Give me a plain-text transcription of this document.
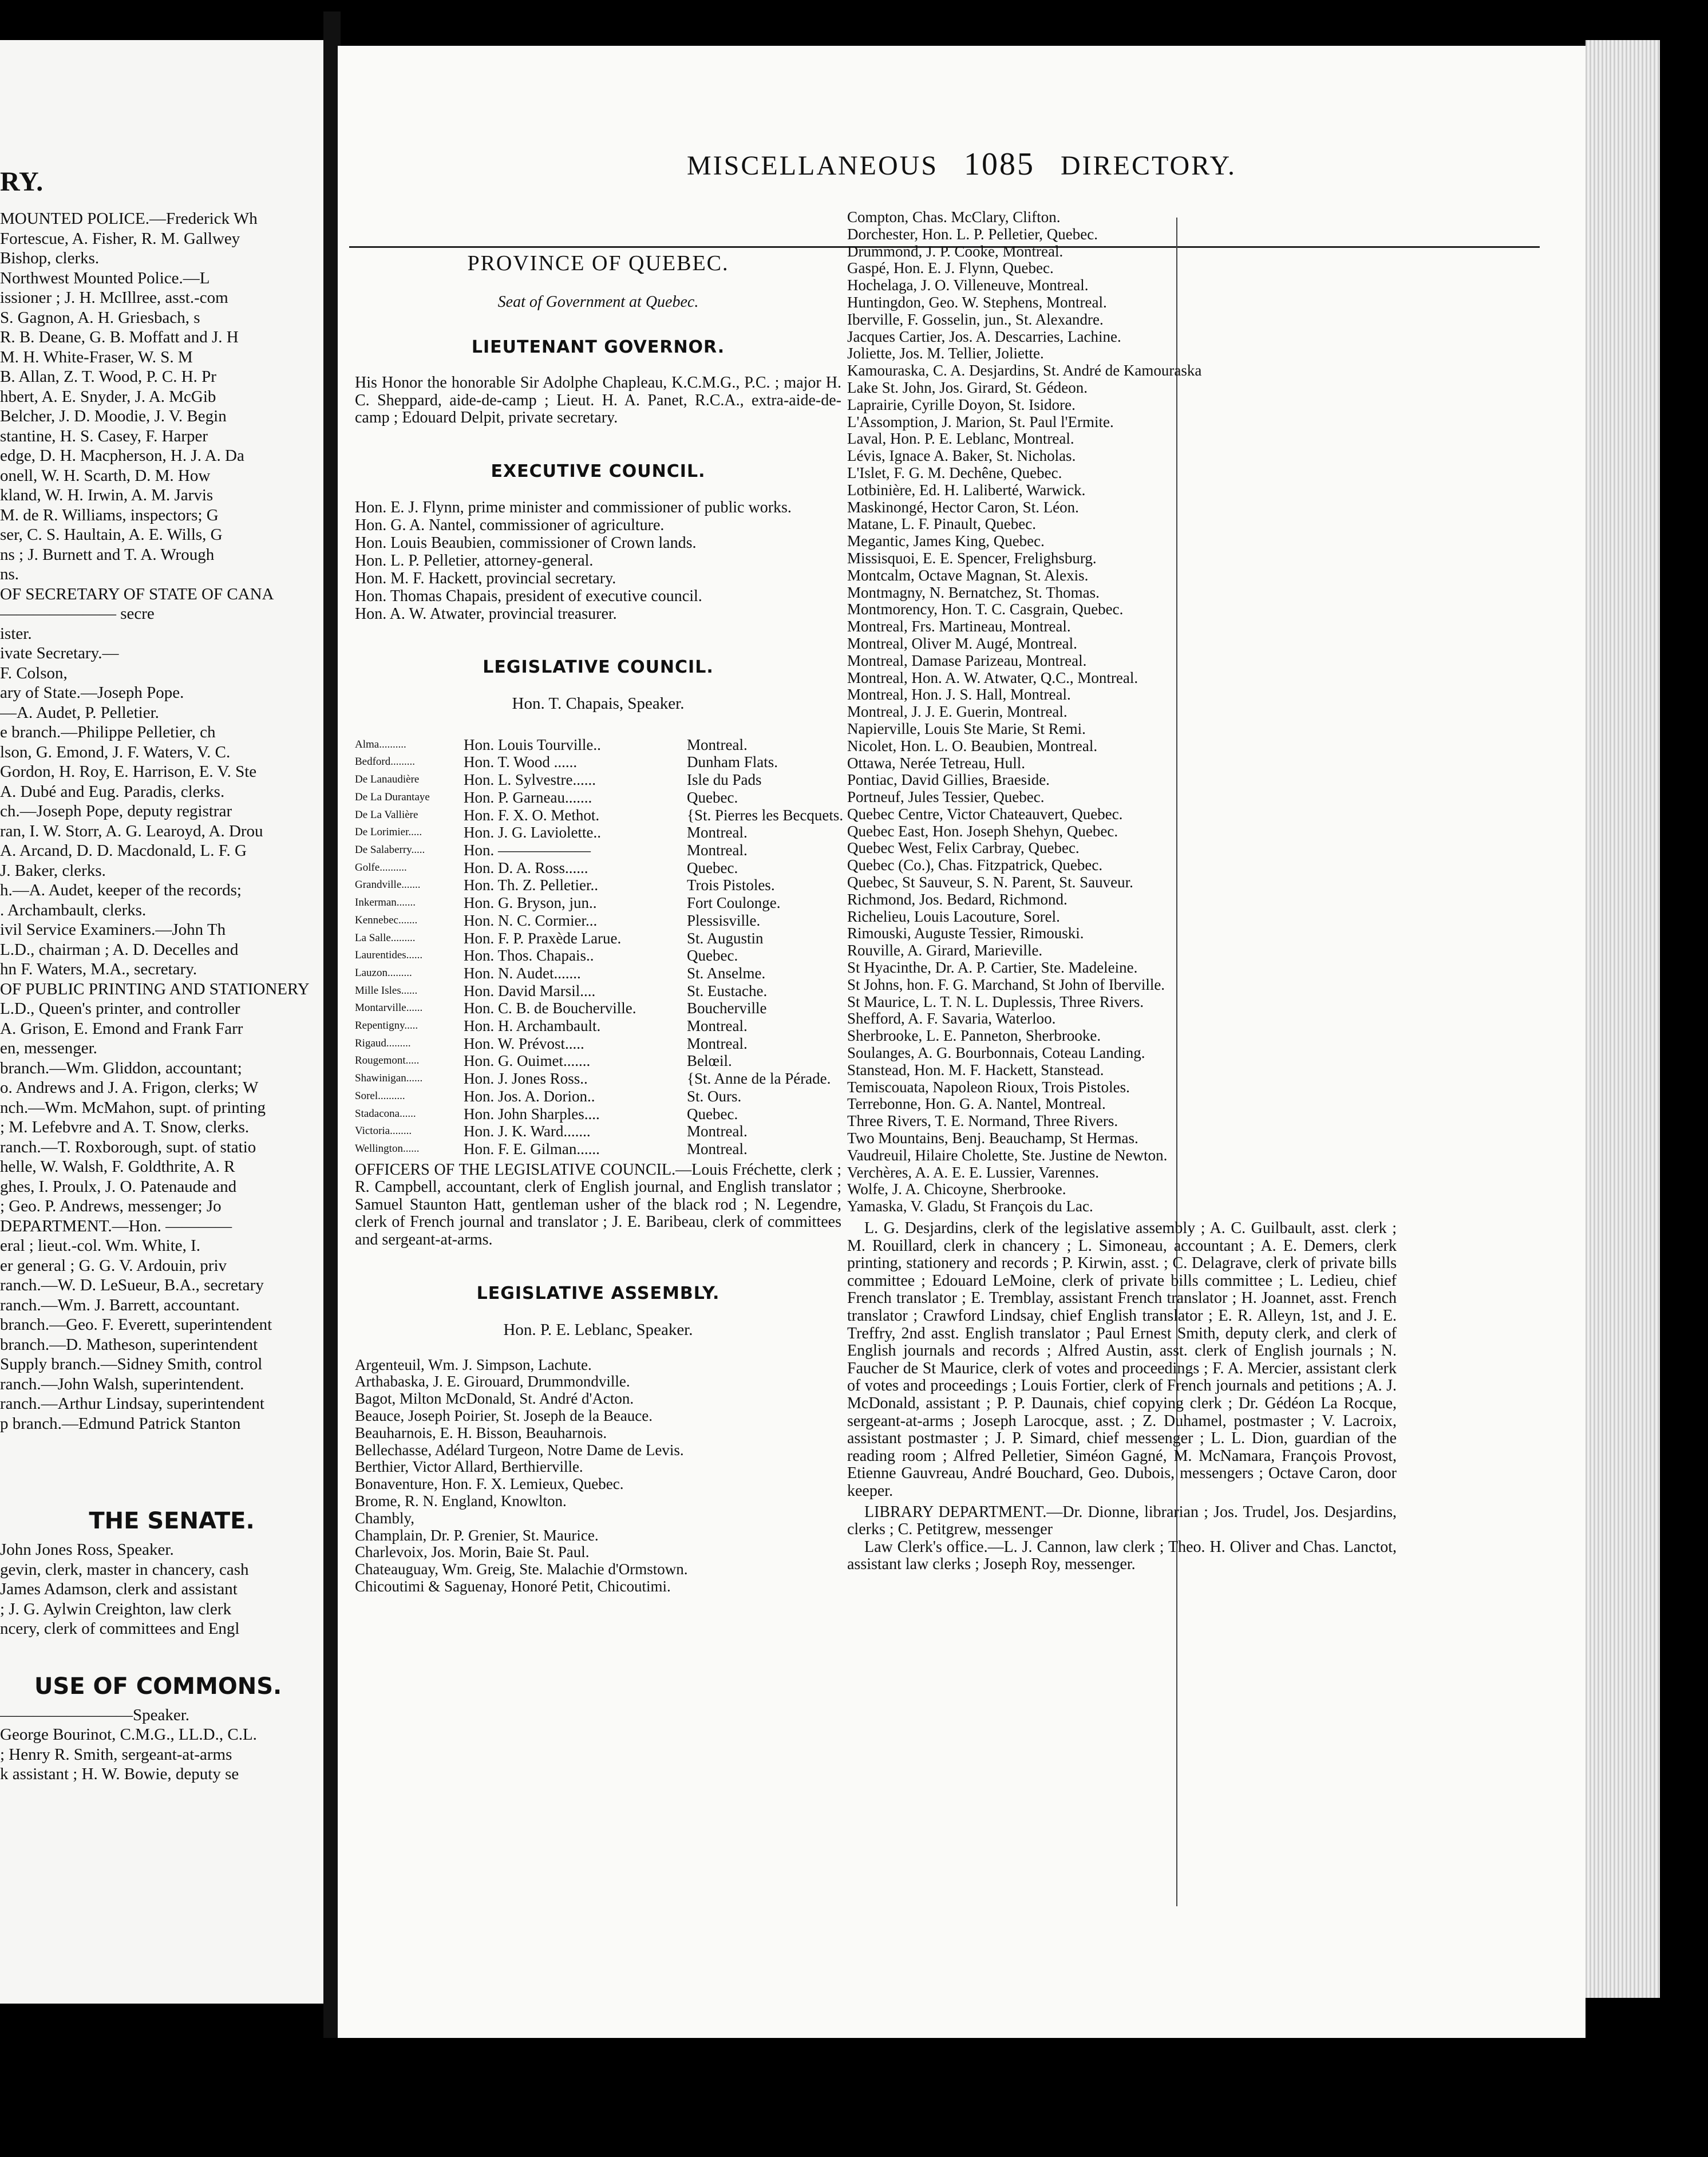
RY.
MOUNTED POLICE.—Frederick Wh
Fortescue, A. Fisher, R. M. Gallwey
Bishop, clerks.
Northwest Mounted Police.—L
issioner ; J. H. McIllree, asst.-com
S. Gagnon, A. H. Griesbach, s
R. B. Deane, G. B. Moffatt and J. H
M. H. White-Fraser, W. S. M
B. Allan, Z. T. Wood, P. C. H. Pr
hbert, A. E. Snyder, J. A. McGib
Belcher, J. D. Moodie, J. V. Begin
stantine, H. S. Casey, F. Harper
edge, D. H. Macpherson, H. J. A. Da
onell, W. H. Scarth, D. M. How
kland, W. H. Irwin, A. M. Jarvis
M. de R. Williams, inspectors; G
ser, C. S. Haultain, A. E. Wills, G
ns ; J. Burnett and T. A. Wrough
ns.
OF SECRETARY OF STATE OF CANA
——————— secre
ister.
ivate Secretary.—
F. Colson,
ary of State.—Joseph Pope.
—A. Audet, P. Pelletier.
e branch.—Philippe Pelletier, ch
lson, G. Emond, J. F. Waters, V. C.
Gordon, H. Roy, E. Harrison, E. V. Ste
A. Dubé and Eug. Paradis, clerks.
ch.—Joseph Pope, deputy registrar
ran, I. W. Storr, A. G. Learoyd, A. Drou
A. Arcand, D. D. Macdonald, L. F. G
J. Baker, clerks.
h.—A. Audet, keeper of the records;
. Archambault, clerks.
ivil Service Examiners.—John Th
L.D., chairman ; A. D. Decelles and
hn F. Waters, M.A., secretary.
OF PUBLIC PRINTING AND STATIONERY
L.D., Queen's printer, and controller
A. Grison, E. Emond and Frank Farr
en, messenger.
branch.—Wm. Gliddon, accountant;
o. Andrews and J. A. Frigon, clerks; W
nch.—Wm. McMahon, supt. of printing
; M. Lefebvre and A. T. Snow, clerks.
ranch.—T. Roxborough, supt. of statio
helle, W. Walsh, F. Goldthrite, A. R
ghes, I. Proulx, J. O. Patenaude and
; Geo. P. Andrews, messenger; Jo
DEPARTMENT.—Hon. ————
eral ; lieut.-col. Wm. White, I.
er general ; G. G. V. Ardouin, priv
ranch.—W. D. LeSueur, B.A., secretary
ranch.—Wm. J. Barrett, accountant.
branch.—Geo. F. Everett, superintendent
branch.—D. Matheson, superintendent
Supply branch.—Sidney Smith, control
ranch.—John Walsh, superintendent.
ranch.—Arthur Lindsay, superintendent
p branch.—Edmund Patrick Stanton
THE SENATE.
John Jones Ross, Speaker.
gevin, clerk, master in chancery, cash
James Adamson, clerk and assistant
; J. G. Aylwin Creighton, law clerk
ncery, clerk of committees and Engl
USE OF COMMONS.
————————Speaker.
George Bourinot, C.M.G., LL.D., C.L.
; Henry R. Smith, sergeant-at-arms
k assistant ; H. W. Bowie, deputy se
MISCELLANEOUS 1085 DIRECTORY.
PROVINCE OF QUEBEC.
Seat of Government at Quebec.
LIEUTENANT GOVERNOR.

His Honor the honorable Sir Adolphe Chapleau, K.C.M.G., P.C. ; major H. C. Sheppard, aide-de-camp ; Lieut. H. A. Panet, R.C.A., extra-aide-de-camp ; Edouard Delpit, private secretary.

EXECUTIVE COUNCIL.
Hon. E. J. Flynn, prime minister and commissioner of public works.
Hon. G. A. Nantel, commissioner of agriculture.
Hon. Louis Beaubien, commissioner of Crown lands.
Hon. L. P. Pelletier, attorney-general.
Hon. M. F. Hackett, provincial secretary.
Hon. Thomas Chapais, president of executive council.
Hon. A. W. Atwater, provincial treasurer.
LEGISLATIVE COUNCIL.
Hon. T. Chapais, Speaker.
Alma..........	Hon. Louis Tourville..	Montreal.
Bedford.........	Hon. T. Wood ......	Dunham Flats.
De Lanaudière	Hon. L. Sylvestre......	Isle du Pads
De La Durantaye	Hon. P. Garneau.......	Quebec.
De La Vallière	Hon. F. X. O. Methot.	{St. Pierres les Becquets.
De Lorimier.....	Hon. J. G. Laviolette..	Montreal.
De Salaberry.....	Hon. ——————	Montreal.
Golfe..........	Hon. D. A. Ross......	Quebec.
Grandville.......	Hon. Th. Z. Pelletier..	Trois Pistoles.
Inkerman.......	Hon. G. Bryson, jun..	Fort Coulonge.
Kennebec.......	Hon. N. C. Cormier...	Plessisville.
La Salle.........	Hon. F. P. Praxède Larue.	St. Augustin
Laurentides......	Hon. Thos. Chapais..	Quebec.
Lauzon.........	Hon. N. Audet.......	St. Anselme.
Mille Isles......	Hon. David Marsil....	St. Eustache.
Montarville......	Hon. C. B. de Boucherville.	Boucherville
Repentigny.....	Hon. H. Archambault.	Montreal.
Rigaud.........	Hon. W. Prévost.....	Montreal.
Rougemont.....	Hon. G. Ouimet.......	Belœil.
Shawinigan......	Hon. J. Jones Ross..	{St. Anne de la Pérade.
Sorel..........	Hon. Jos. A. Dorion..	St. Ours.
Stadacona......	Hon. John Sharples....	Quebec.
Victoria........	Hon. J. K. Ward.......	Montreal.
Wellington......	Hon. F. E. Gilman......	Montreal.

OFFICERS OF THE LEGISLATIVE COUNCIL.—Louis Fréchette, clerk ; R. Campbell, accountant, clerk of English journal, and English translator ; Samuel Staunton Hatt, gentleman usher of the black rod ; N. Legendre, clerk of French journal and translator ; J. E. Baribeau, clerk of committees and sergeant-at-arms.

LEGISLATIVE ASSEMBLY.
Hon. P. E. Leblanc, Speaker.
Argenteuil, Wm. J. Simpson, Lachute.
Arthabaska, J. E. Girouard, Drummondville.
Bagot, Milton McDonald, St. André d'Acton.
Beauce, Joseph Poirier, St. Joseph de la Beauce.
Beauharnois, E. H. Bisson, Beauharnois.
Bellechasse, Adélard Turgeon, Notre Dame de Levis.
Berthier, Victor Allard, Berthierville.
Bonaventure, Hon. F. X. Lemieux, Quebec.
Brome, R. N. England, Knowlton.
Chambly,
Champlain, Dr. P. Grenier, St. Maurice.
Charlevoix, Jos. Morin, Baie St. Paul.
Chateauguay, Wm. Greig, Ste. Malachie d'Ormstown.
Chicoutimi & Saguenay, Honoré Petit, Chicoutimi.
Compton, Chas. McClary, Clifton.
Dorchester, Hon. L. P. Pelletier, Quebec.
Drummond, J. P. Cooke, Montreal.
Gaspé, Hon. E. J. Flynn, Quebec.
Hochelaga, J. O. Villeneuve, Montreal.
Huntingdon, Geo. W. Stephens, Montreal.
Iberville, F. Gosselin, jun., St. Alexandre.
Jacques Cartier, Jos. A. Descarries, Lachine.
Joliette, Jos. M. Tellier, Joliette.
Kamouraska, C. A. Desjardins, St. André de Kamouraska
Lake St. John, Jos. Girard, St. Gédeon.
Laprairie, Cyrille Doyon, St. Isidore.
L'Assomption, J. Marion, St. Paul l'Ermite.
Laval, Hon. P. E. Leblanc, Montreal.
Lévis, Ignace A. Baker, St. Nicholas.
L'Islet, F. G. M. Dechêne, Quebec.
Lotbinière, Ed. H. Laliberté, Warwick.
Maskinongé, Hector Caron, St. Léon.
Matane, L. F. Pinault, Quebec.
Megantic, James King, Quebec.
Missisquoi, E. E. Spencer, Frelighsburg.
Montcalm, Octave Magnan, St. Alexis.
Montmagny, N. Bernatchez, St. Thomas.
Montmorency, Hon. T. C. Casgrain, Quebec.
Montreal, Frs. Martineau, Montreal.
Montreal, Oliver M. Augé, Montreal.
Montreal, Damase Parizeau, Montreal.
Montreal, Hon. A. W. Atwater, Q.C., Montreal.
Montreal, Hon. J. S. Hall, Montreal.
Montreal, J. J. E. Guerin, Montreal.
Napierville, Louis Ste Marie, St Remi.
Nicolet, Hon. L. O. Beaubien, Montreal.
Ottawa, Nerée Tetreau, Hull.
Pontiac, David Gillies, Braeside.
Portneuf, Jules Tessier, Quebec.
Quebec Centre, Victor Chateauvert, Quebec.
Quebec East, Hon. Joseph Shehyn, Quebec.
Quebec West, Felix Carbray, Quebec.
Quebec (Co.), Chas. Fitzpatrick, Quebec.
Quebec, St Sauveur, S. N. Parent, St. Sauveur.
Richmond, Jos. Bedard, Richmond.
Richelieu, Louis Lacouture, Sorel.
Rimouski, Auguste Tessier, Rimouski.
Rouville, A. Girard, Marieville.
St Hyacinthe, Dr. A. P. Cartier, Ste. Madeleine.
St Johns, hon. F. G. Marchand, St John of Iberville.
St Maurice, L. T. N. L. Duplessis, Three Rivers.
Shefford, A. F. Savaria, Waterloo.
Sherbrooke, L. E. Panneton, Sherbrooke.
Soulanges, A. G. Bourbonnais, Coteau Landing.
Stanstead, Hon. M. F. Hackett, Stanstead.
Temiscouata, Napoleon Rioux, Trois Pistoles.
Terrebonne, Hon. G. A. Nantel, Montreal.
Three Rivers, T. E. Normand, Three Rivers.
Two Mountains, Benj. Beauchamp, St Hermas.
Vaudreuil, Hilaire Cholette, Ste. Justine de Newton.
Verchères, A. A. E. E. Lussier, Varennes.
Wolfe, J. A. Chicoyne, Sherbrooke.
Yamaska, V. Gladu, St François du Lac.

L. G. Desjardins, clerk of the legislative assembly ; A. C. Guilbault, asst. clerk ; M. Rouillard, clerk in chancery ; L. Simoneau, accountant ; A. E. Demers, clerk printing, stationery and records ; P. Kirwin, asst. ; C. Delagrave, clerk of private bills committee ; Edouard LeMoine, clerk of private bills committee ; L. Ledieu, chief French translator ; E. Tremblay, assistant French translator ; H. Joannet, asst. French translator ; Crawford Lindsay, chief English translator ; E. R. Alleyn, 1st, and J. E. Treffry, 2nd asst. English translator ; Paul Ernest Smith, deputy clerk, and clerk of English journals and records ; Alfred Austin, asst. clerk of English journals ; N. Faucher de St Maurice, clerk of votes and proceedings ; F. A. Mercier, assistant clerk of votes and proceedings ; Louis Fortier, clerk of French journals and petitions ; A. J. McDonald, assistant ; P. P. Daunais, chief copying clerk ; Dr. Gédéon La Rocque, sergeant-at-arms ; Joseph Larocque, asst. ; Z. Duhamel, postmaster ; V. Lacroix, assistant postmaster ; J. P. Simard, chief messenger ; L. L. Dion, guardian of the reading room ; Alfred Pelletier, Siméon Gagné, M. McNamara, François Provost, Etienne Gauvreau, André Bouchard, Geo. Dubois, messengers ; Octave Caron, door keeper.

LIBRARY DEPARTMENT.—Dr. Dionne, librarian ; Jos. Trudel, Jos. Desjardins, clerks ; C. Petitgrew, messenger

Law Clerk's office.—L. J. Cannon, law clerk ; Theo. H. Oliver and Chas. Lanctot, assistant law clerks ; Joseph Roy, messenger.
